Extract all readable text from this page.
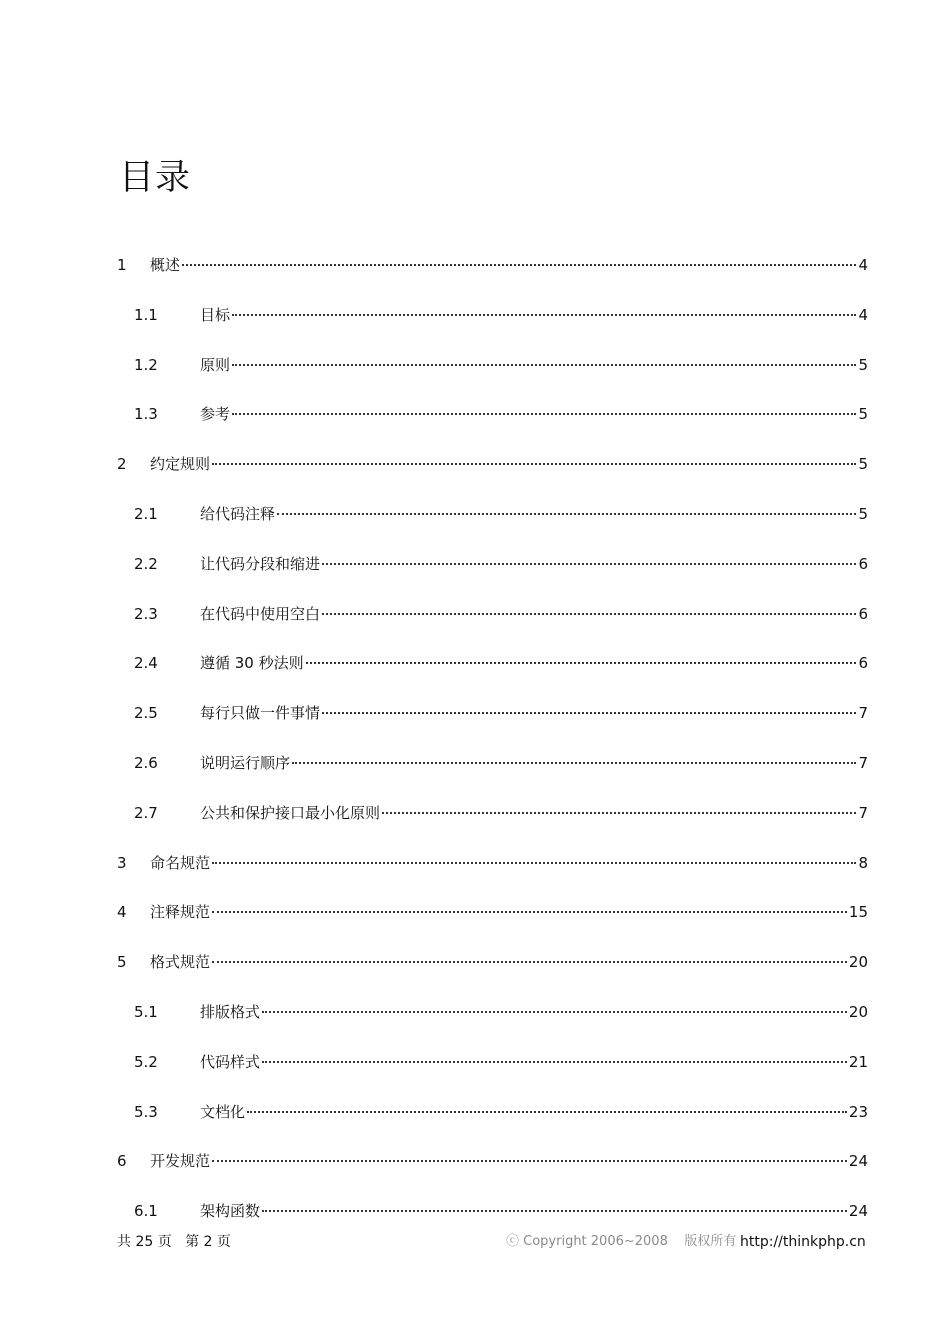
目录
1 概述	4
1.1	目标	4
1.2	原则	5
1.3	参考	5
2 约定规则	5
2.1	给代码注释	5
2.2	让代码分段和缩进	6
2.3	在代码中使用空白	6
2.4	遵循 30 秒法则	6
2.5	每行只做一件事情	7
2.6	说明运行顺序	7
2.7	公共和保护接口最小化原则	7
3 命名规范	8
4 注释规范	15
5 格式规范	20
5.1	排版格式	20
5.2	代码样式	21
5.3	文档化	23
6 开发规范	24
6.1	架构函数	24
共 25 页   第 2 页	ⓒ Copyright 2006~2008    版权所有 http://thinkphp.cn
